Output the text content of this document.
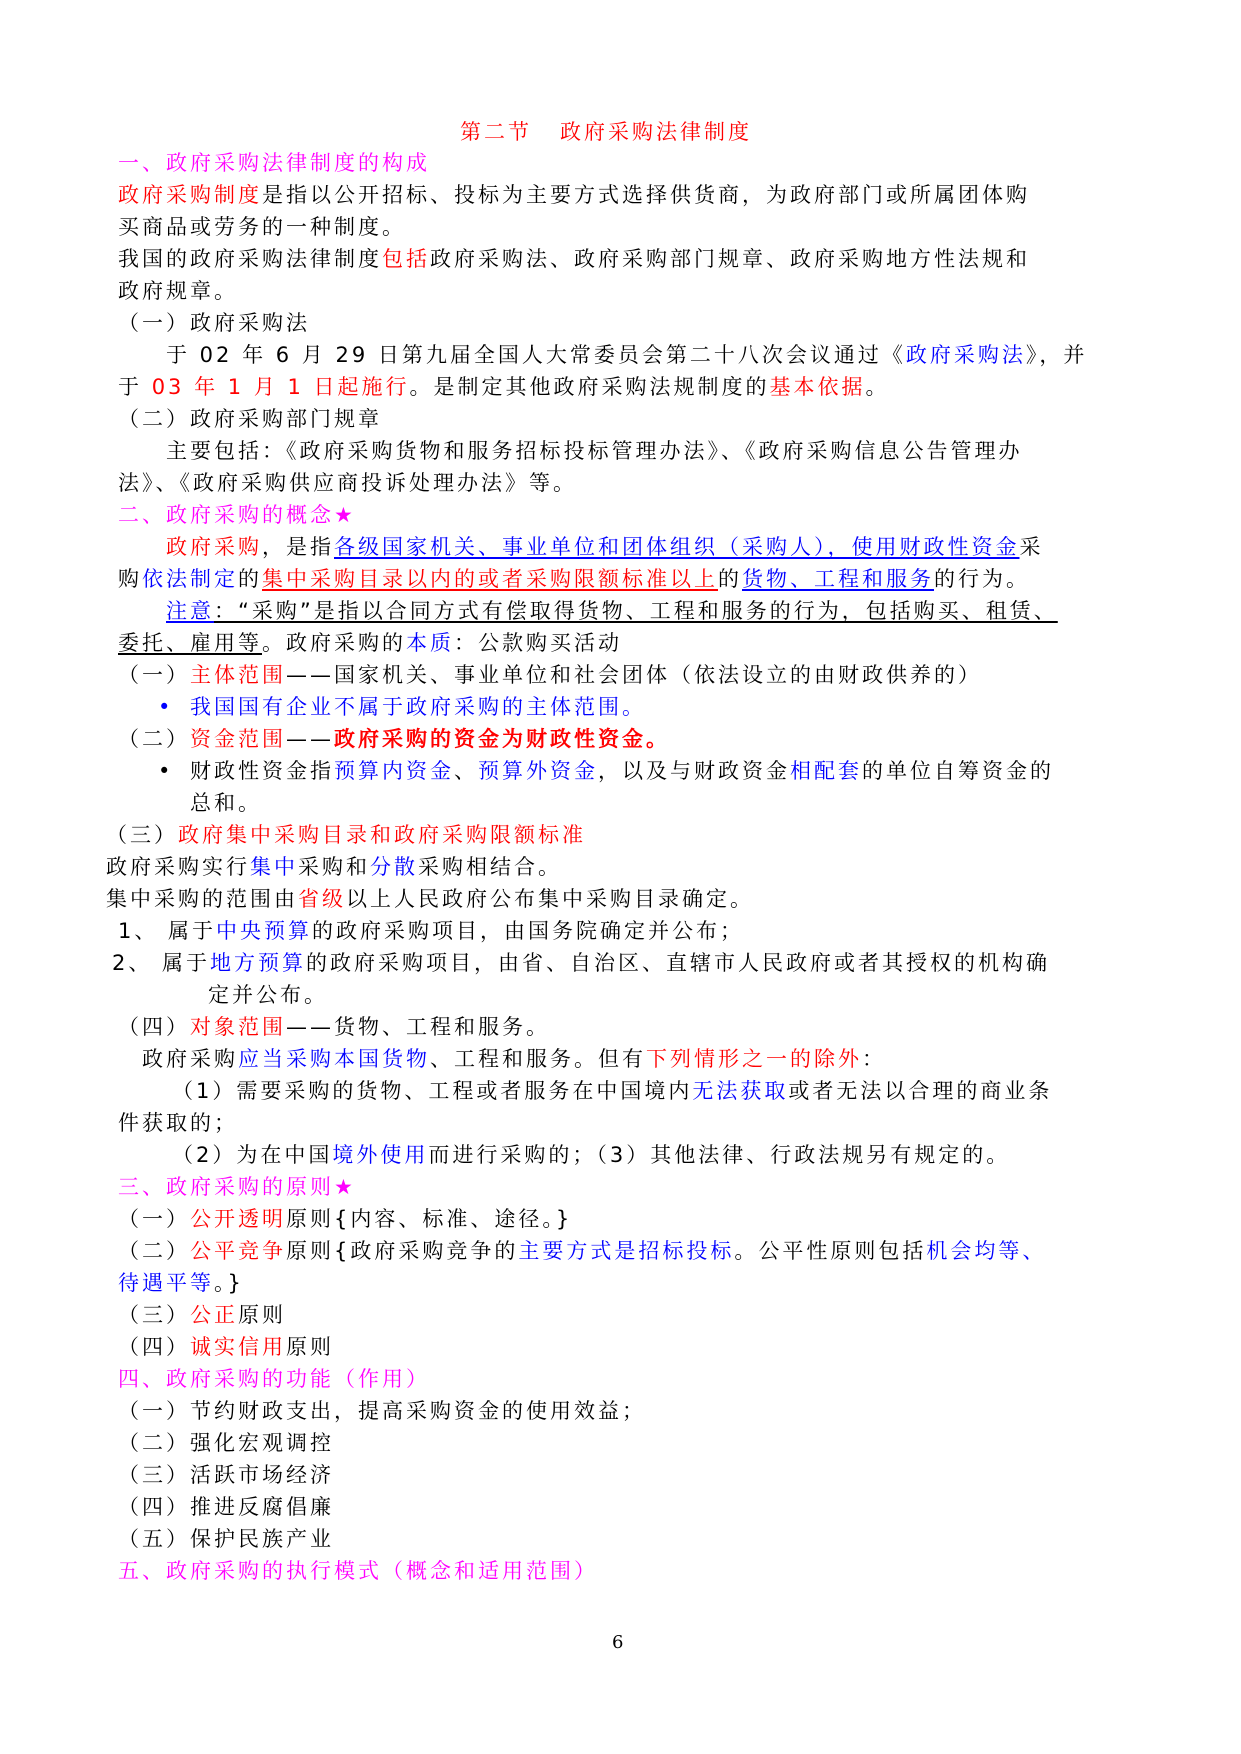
第二节 政府采购法律制度
一、政府采购法律制度的构成
政府采购制度是指以公开招标、投标为主要方式选择供货商，为政府部门或所属团体购
买商品或劳务的一种制度。
我国的政府采购法律制度包括政府采购法、政府采购部门规章、政府采购地方性法规和
政府规章。
（一）政府采购法
于 02 年 6 月 29 日第九届全国人大常委员会第二十八次会议通过《政府采购法》，并
于 03 年 1 月 1 日起施行。是制定其他政府采购法规制度的基本依据。
（二）政府采购部门规章
主要包括：《政府采购货物和服务招标投标管理办法》、《政府采购信息公告管理办
法》、《政府采购供应商投诉处理办法》等。
二、政府采购的概念★
政府采购，是指各级国家机关、事业单位和团体组织（采购人），使用财政性资金采
购依法制定的集中采购目录以内的或者采购限额标准以上的货物、工程和服务的行为。
注意：“采购”是指以合同方式有偿取得货物、工程和服务的行为，包括购买、租赁、
委托、雇用等。政府采购的本质：公款购买活动
（一）主体范围——国家机关、事业单位和社会团体（依法设立的由财政供养的）
• 我国国有企业不属于政府采购的主体范围。
（二）资金范围——政府采购的资金为财政性资金。
• 财政性资金指预算内资金、预算外资金，以及与财政资金相配套的单位自筹资金的
总和。
（三）政府集中采购目录和政府采购限额标准
政府采购实行集中采购和分散采购相结合。
集中采购的范围由省级以上人民政府公布集中采购目录确定。
1、 属于中央预算的政府采购项目，由国务院确定并公布；
2、 属于地方预算的政府采购项目，由省、自治区、直辖市人民政府或者其授权的机构确
定并公布。
（四）对象范围——货物、工程和服务。
政府采购应当采购本国货物、工程和服务。但有下列情形之一的除外：
（1）需要采购的货物、工程或者服务在中国境内无法获取或者无法以合理的商业条
件获取的；
（2）为在中国境外使用而进行采购的；（3）其他法律、行政法规另有规定的。
三、政府采购的原则★
（一）公开透明原则{内容、标准、途径。}
（二）公平竞争原则{政府采购竞争的主要方式是招标投标。公平性原则包括机会均等、
待遇平等。}
（三）公正原则
（四）诚实信用原则
四、政府采购的功能（作用）
（一）节约财政支出，提高采购资金的使用效益；
（二）强化宏观调控
（三）活跃市场经济
（四）推进反腐倡廉
（五）保护民族产业
五、政府采购的执行模式（概念和适用范围）
6
